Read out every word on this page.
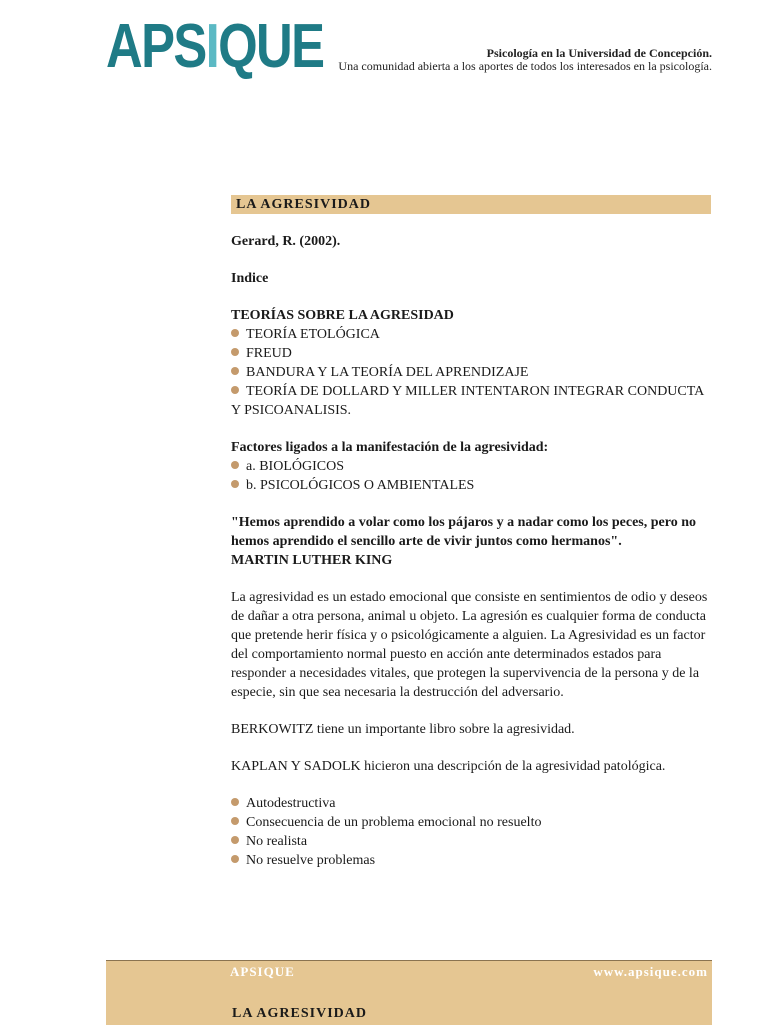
APSIQUE	Psicología en la Universidad de Concepción.
Una comunidad abierta a los aportes de todos los interesados en la psicología.
LA AGRESIVIDAD

Gerard, R. (2002).

Indice

TEORÍAS SOBRE LA AGRESIDAD

TEORÍA ETOLÓGICA
FREUD
BANDURA Y LA TEORÍA DEL APRENDIZAJE
TEORÍA DE DOLLARD Y MILLER INTENTARON INTEGRAR CONDUCTA Y PSICOANALISIS.

Factores ligados a la manifestación de la agresividad:

a. BIOLÓGICOS
b. PSICOLÓGICOS O AMBIENTALES

"Hemos aprendido a volar como los pájaros y a nadar como los peces, pero no hemos aprendido el sencillo arte de vivir juntos como hermanos".

MARTIN LUTHER KING

La agresividad es un estado emocional que consiste en sentimientos de odio y deseos de dañar a otra persona, animal u objeto. La agresión es cualquier forma de conducta que pretende herir física y o psicológicamente a alguien. La Agresividad es un factor del comportamiento normal puesto en acción ante determinados estados para responder a necesidades vitales, que protegen la supervivencia de la persona y de la especie, sin que sea necesaria la destrucción del adversario.

BERKOWITZ tiene un importante libro sobre la agresividad.

KAPLAN Y SADOLK hicieron una descripción de la agresividad patológica.

Autodestructiva
Consecuencia de un problema emocional no resuelto
No realista
No resuelve problemas
APSIQUE	www.apsique.com
LA AGRESIVIDAD
